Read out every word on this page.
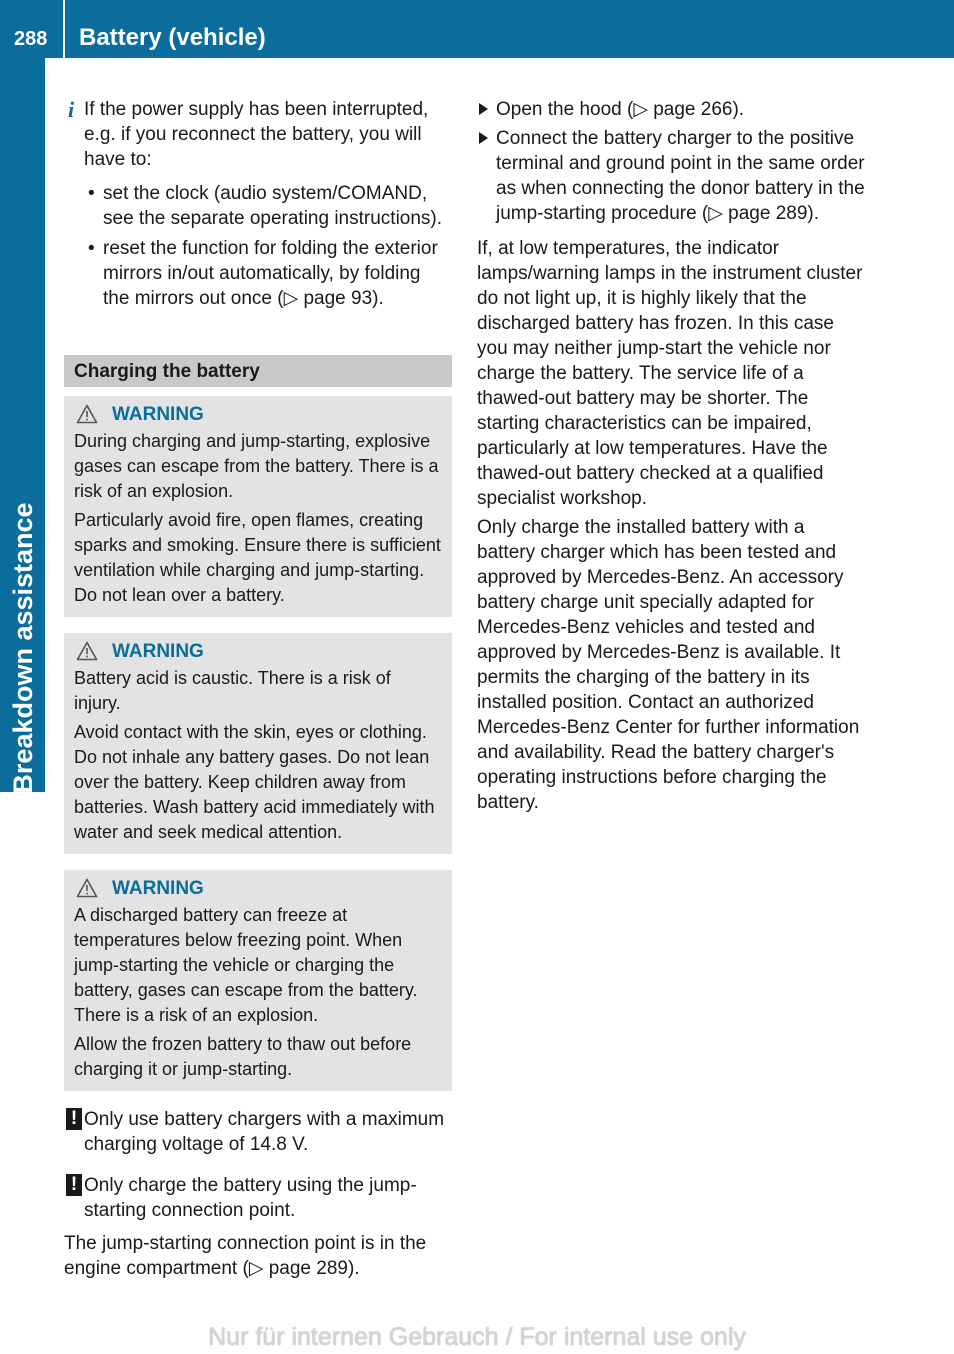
288 Battery (vehicle)
Breakdown assistance
i If the power supply has been interrupted, e.g. if you reconnect the battery, you will have to:

• set the clock (audio system/COMAND, see the separate operating instructions).
• reset the function for folding the exterior mirrors in/out automatically, by folding the mirrors out once (▷ page 93).
Charging the battery
WARNING

During charging and jump-starting, explosive gases can escape from the battery. There is a risk of an explosion.

Particularly avoid fire, open flames, creating sparks and smoking. Ensure there is sufficient ventilation while charging and jump-starting. Do not lean over a battery.

WARNING

Battery acid is caustic. There is a risk of injury.

Avoid contact with the skin, eyes or clothing. Do not inhale any battery gases. Do not lean over the battery. Keep children away from batteries. Wash battery acid immediately with water and seek medical attention.

WARNING

A discharged battery can freeze at temperatures below freezing point. When jump-starting the vehicle or charging the battery, gases can escape from the battery. There is a risk of an explosion.

Allow the frozen battery to thaw out before charging it or jump-starting.

! Only use battery chargers with a maximum charging voltage of 14.8 V.
! Only charge the battery using the jump-starting connection point.

The jump-starting connection point is in the engine compartment (▷ page 289).

Open the hood (▷ page 266).
Connect the battery charger to the positive terminal and ground point in the same order as when connecting the donor battery in the jump-starting procedure (▷ page 289).

If, at low temperatures, the indicator lamps/warning lamps in the instrument cluster do not light up, it is highly likely that the discharged battery has frozen. In this case you may neither jump-start the vehicle nor charge the battery. The service life of a thawed-out battery may be shorter. The starting characteristics can be impaired, particularly at low temperatures. Have the thawed-out battery checked at a qualified specialist workshop.

Only charge the installed battery with a battery charger which has been tested and approved by Mercedes-Benz. An accessory battery charge unit specially adapted for Mercedes-Benz vehicles and tested and approved by Mercedes-Benz is available. It permits the charging of the battery in its installed position. Contact an authorized Mercedes-Benz Center for further information and availability. Read the battery charger's operating instructions before charging the battery.

Nur für internen Gebrauch / For internal use only
